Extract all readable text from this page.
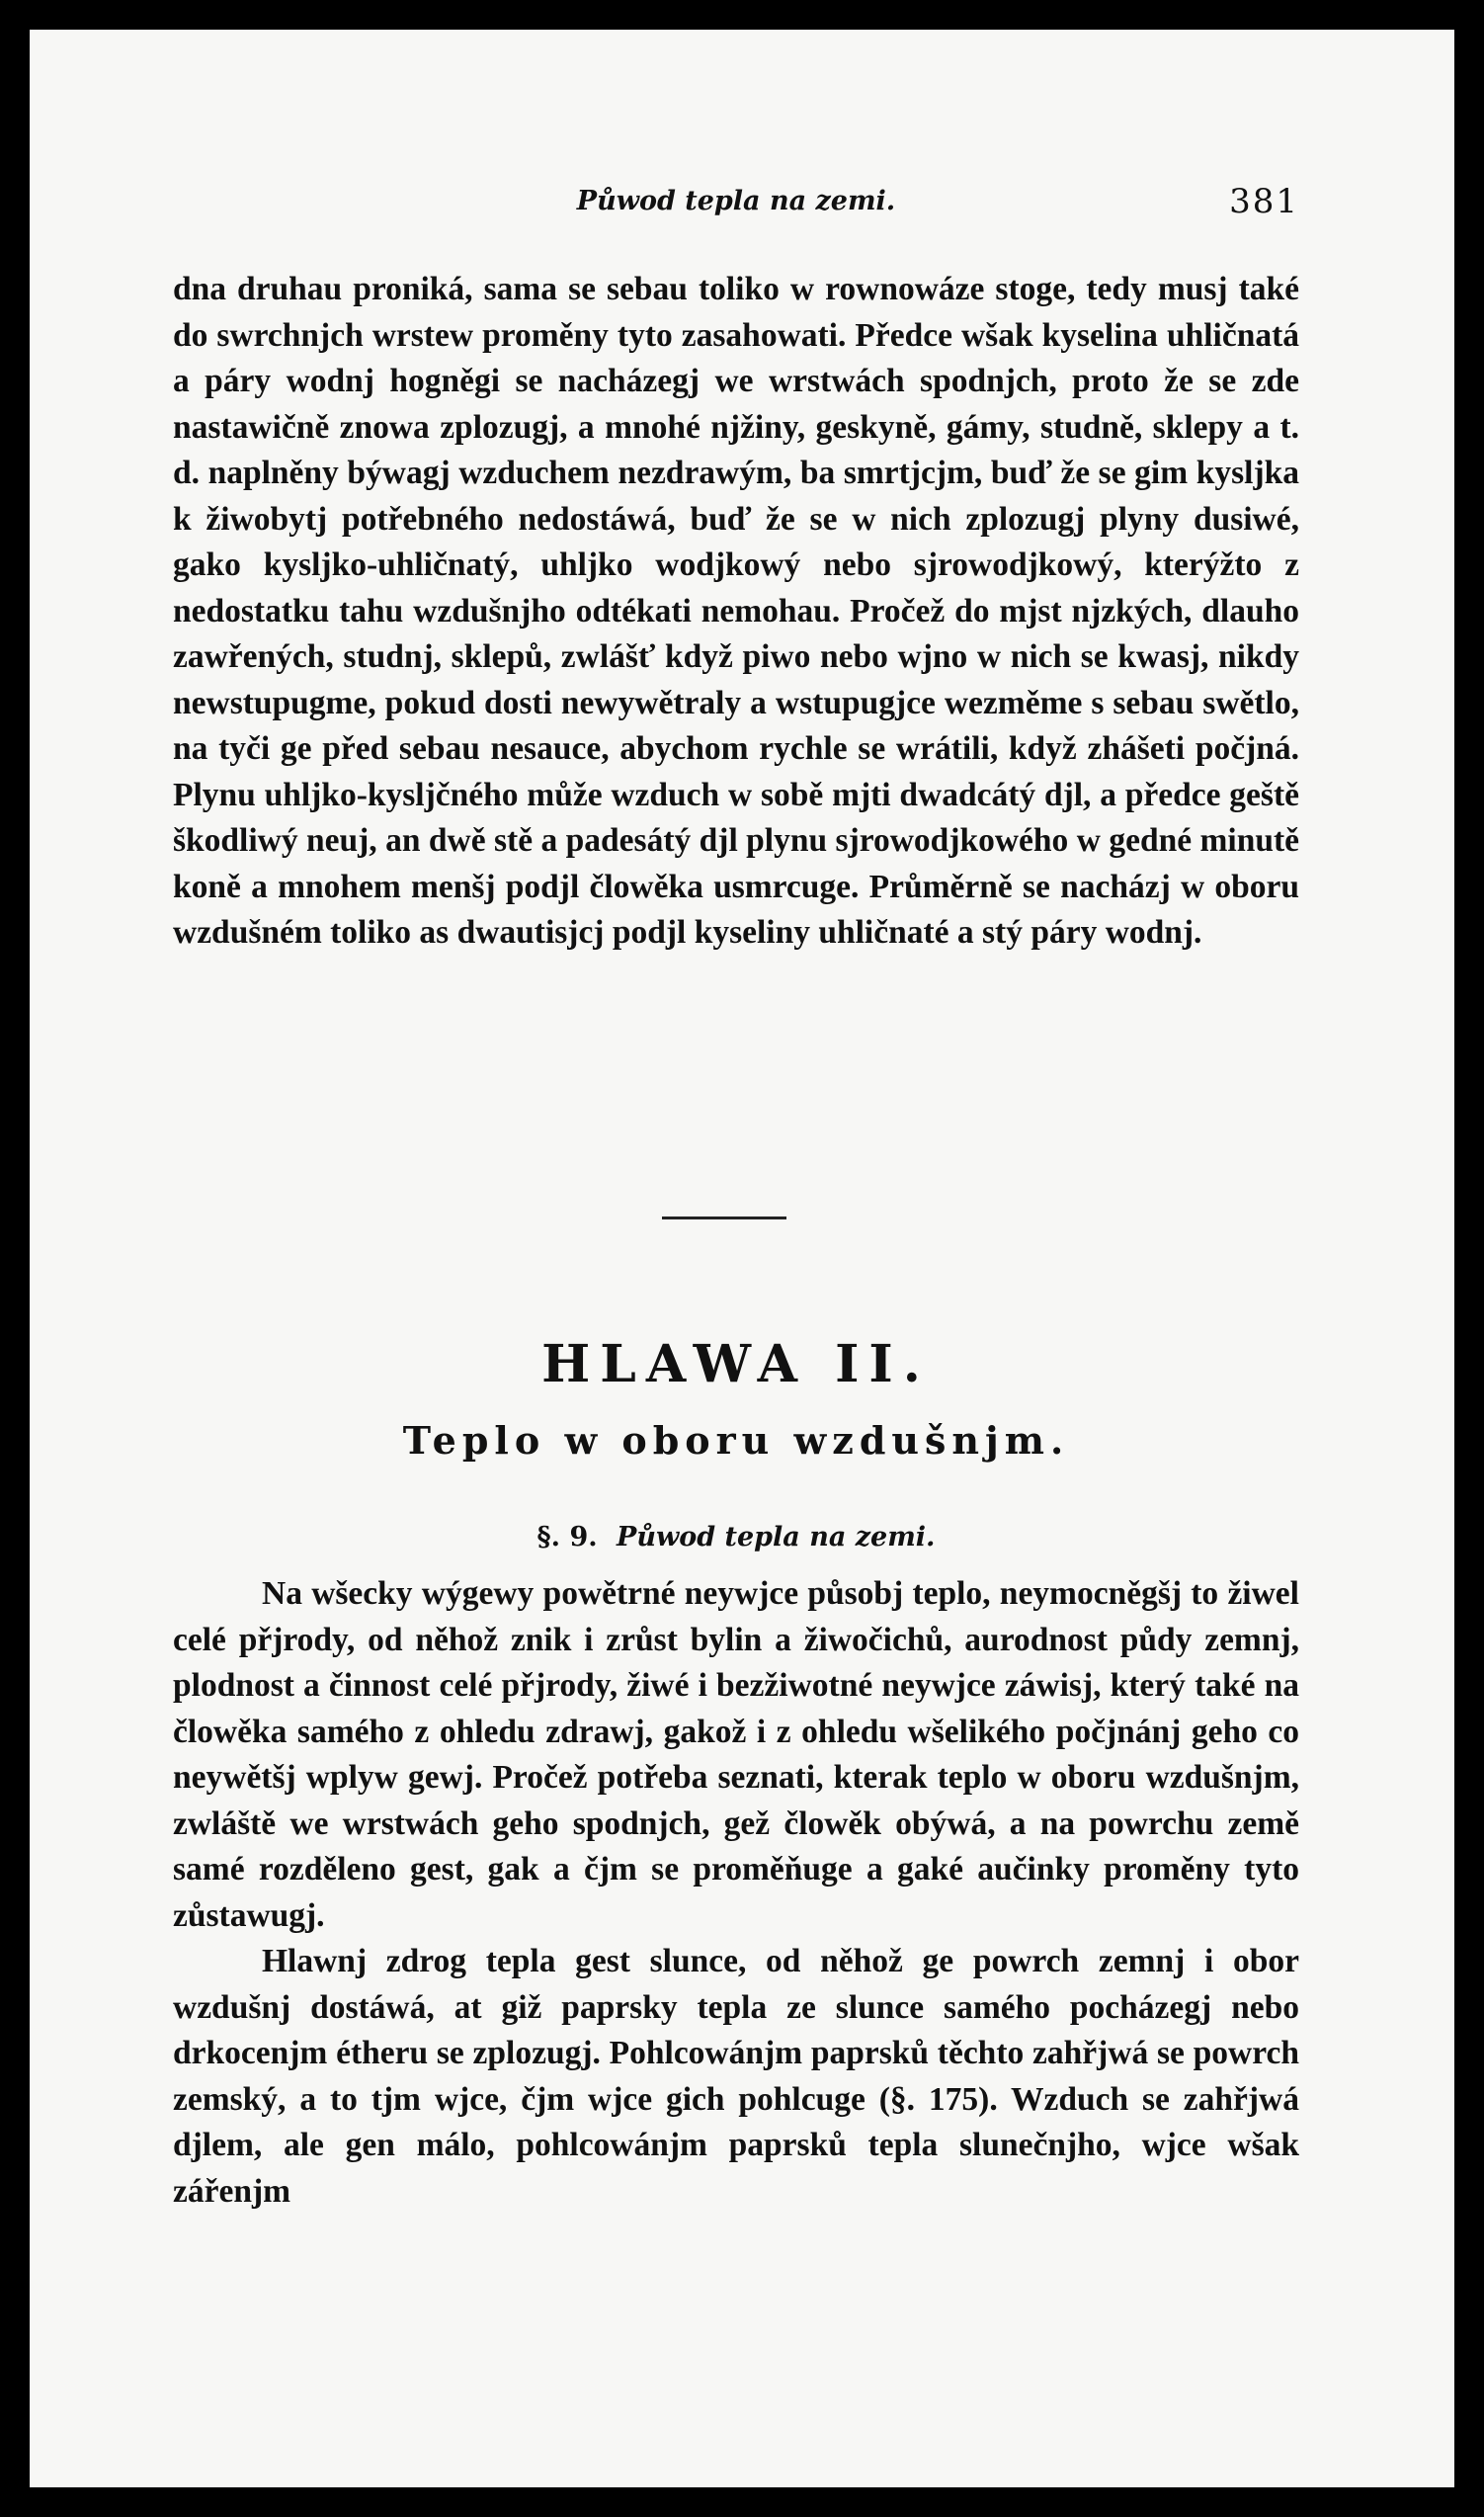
Půwod tepla na zemi.	381

dna druhau proniká, sama se sebau toliko w rownowáze stoge, tedy musj také do swrchnjch wrstew proměny tyto zasahowati. Předce wšak kyselina uhličnatá a páry wodnj hogněgi se nacházegj we wrstwách spodnjch, proto že se zde nastawičně znowa zplozugj, a mnohé njžiny, geskyně, gámy, studně, sklepy a t. d. naplněny býwagj wzduchem nezdrawým, ba smrtjcjm, buď že se gim kysljka k žiwobytj potřebného nedostáwá, buď že se w nich zplozugj plyny dusiwé, gako kysljko-uhličnatý, uhljko wodjkowý nebo sjrowodjkowý, kterýžto z nedostatku tahu wzdušnjho odtékati nemohau. Pročež do mjst njzkých, dlauho zawřených, studnj, sklepů, zwlášť když piwo nebo wjno w nich se kwasj, nikdy newstupugme, pokud dosti newywětraly a wstupugjce wezměme s sebau swětlo, na tyči ge před sebau nesauce, abychom rychle se wrátili, když zhášeti počjná. Plynu uhljko-kysljčného může wzduch w sobě mjti dwadcátý djl, a předce geště škodliwý neuj, an dwě stě a padesátý djl plynu sjrowodjkowého w gedné minutě koně a mnohem menšj podjl člowěka usmrcuge. Průměrně se nacházj w oboru wzdušném toliko as dwautisjcj podjl kyseliny uhličnaté a stý páry wodnj.

HLAWA II.
Teplo w oboru wzdušnjm.
§. 9. Půwod tepla na zemi.

Na wšecky wýgewy powětrné neywjce působj teplo, neymocněgšj to žiwel celé přjrody, od něhož znik i zrůst bylin a žiwočichů, aurodnost půdy zemnj, plodnost a činnost celé přjrody, žiwé i bezžiwotné neywjce záwisj, který také na člowěka samého z ohledu zdrawj, gakož i z ohledu wšelikého počjnánj geho co neywětšj wplyw gewj. Pročež potřeba seznati, kterak teplo w oboru wzdušnjm, zwláště we wrstwách geho spodnjch, gež člowěk obýwá, a na powrchu země samé rozděleno gest, gak a čjm se proměňuge a gaké aučinky proměny tyto zůstawugj.

Hlawnj zdrog tepla gest slunce, od něhož ge powrch zemnj i obor wzdušnj dostáwá, at giž paprsky tepla ze slunce samého pocházegj nebo drkocenjm étheru se zplozugj. Pohlcowánjm paprsků těchto zahřjwá se powrch zemský, a to tjm wjce, čjm wjce gich pohlcuge (§. 175). Wzduch se zahřjwá djlem, ale gen málo, pohlcowánjm paprsků tepla slunečnjho, wjce wšak zářenjm
